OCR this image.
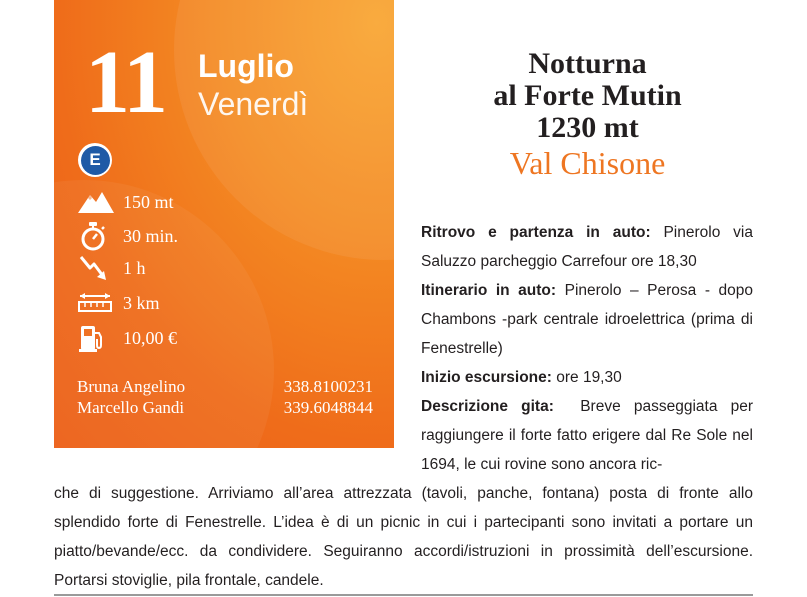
11 Luglio
Venerdì
E
150 mt
30 min.
1 h
3 km
10,00 €
Bruna Angelino	338.8100231
Marcello Gandi	339.6048844
Notturna
al Forte Mutin
1230 mt
Val Chisone

Ritrovo e partenza in auto: Pinerolo via Saluzzo parcheggio Carrefour ore 18,30

Itinerario in auto: Pinerolo – Perosa - dopo Chambons -park centrale idroelettrica (prima di Fenestrelle)

Inizio escursione: ore 19,30

Descrizione gita: Breve passeggiata per raggiungere il forte fatto erigere dal Re Sole nel 1694, le cui rovine sono ancora ric-

che di suggestione. Arriviamo all’area attrezzata (tavoli, panche, fontana) posta di fronte allo splendido forte di Fenestrelle. L’idea è di un picnic in cui i partecipanti sono invitati a portare un piatto/bevande/ecc. da condividere. Seguiranno accordi/istruzioni in prossimità dell’escursione. Portarsi stoviglie, pila frontale, candele.
